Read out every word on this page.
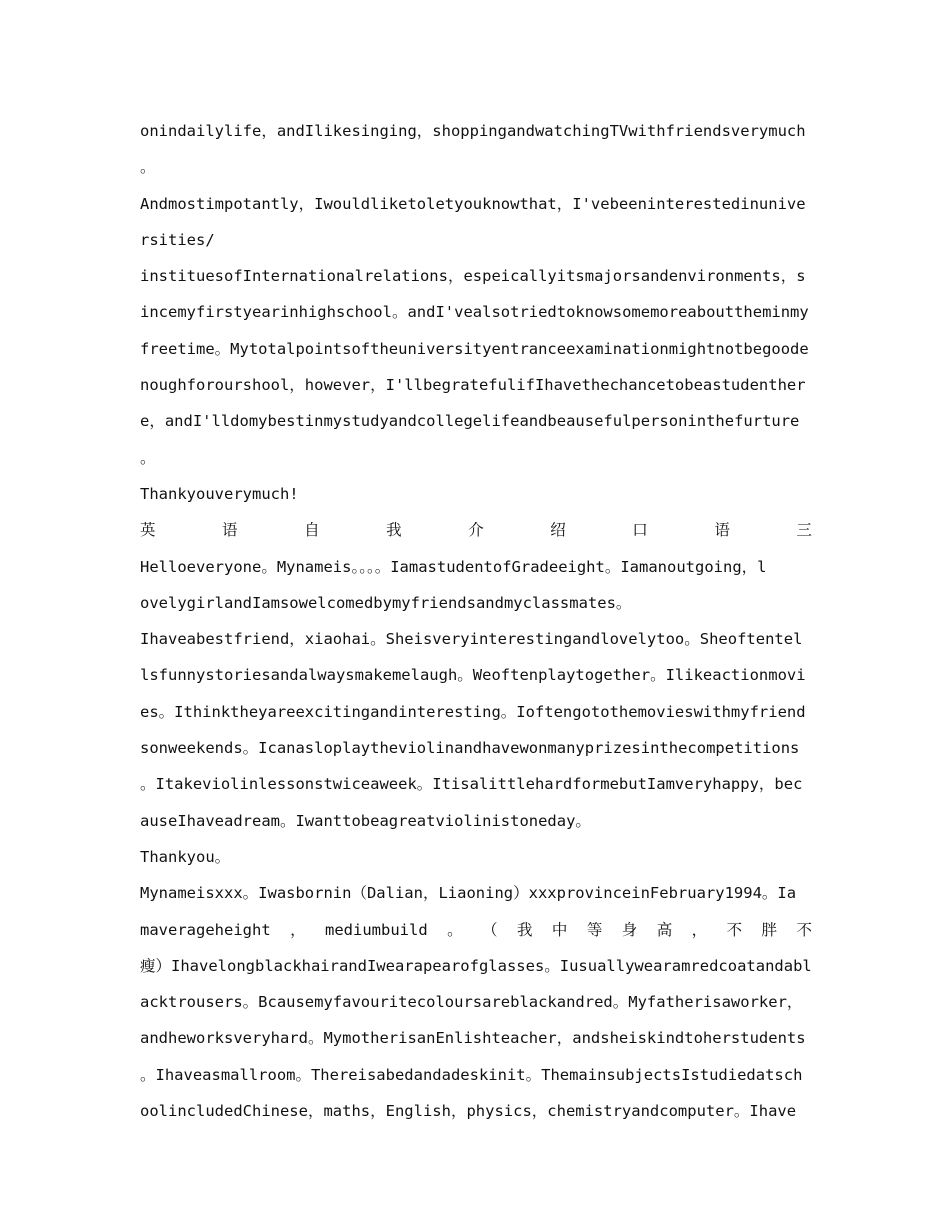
onindailylife，andIlikesinging，shoppingandwatchingTVwithfriendsverymuch
。
Andmostimpotantly，Iwouldliketoletyouknowthat，I'vebeeninterestedinunive
rsities/
instituesofInternationalrelations，espeicallyitsmajorsandenvironments，s
incemyfirstyearinhighschool。andI'vealsotriedtoknowsomemoreabouttheminmy
freetime。Mytotalpointsoftheuniversityentranceexaminationmightnotbegoode
noughforourshool，however，I'llbegratefulifIhavethechancetobeastudenther
e，andI'lldomybestinmystudyandcollegelifeandbeausefulpersoninthefurture
。
Thankyouverymuch!
英	语	自	我	介	绍	口	语	三
Helloeveryone。Mynameis。。。。IamastudentofGradeeight。Iamanoutgoing，l
ovelygirlandIamsowelcomedbymyfriendsandmyclassmates。
Ihaveabestfriend，xiaohai。Sheisveryinterestingandlovelytoo。Sheoftentel
lsfunnystoriesandalwaysmakemelaugh。Weoftenplaytogether。Ilikeactionmovi
es。Ithinktheyareexcitingandinteresting。Ioftengotothemovieswithmyfriend
sonweekends。Icanasloplaytheviolinandhavewonmanyprizesinthecompetitions
。Itakeviolinlessonstwiceaweek。ItisalittlehardformebutIamveryhappy，bec
auseIhaveadream。Iwanttobeagreatviolinistoneday。
Thankyou。
Mynameisxxx。Iwasbornin（Dalian，Liaoning）xxxprovinceinFebruary1994。Ia
maverageheight ， mediumbuild 。 （ 我 中 等 身 高 ， 不 胖 不
瘦）IhavelongblackhairandIwearapearofglasses。Iusuallywearamredcoatandabl
acktrousers。Bcausemyfavouritecoloursareblackandred。Myfatherisaworker，
andheworksveryhard。MymotherisanEnlishteacher，andsheiskindtoherstudents
。Ihaveasmallroom。Thereisabedandadeskinit。ThemainsubjectsIstudiedatsch
oolincludedChinese，maths，English，physics，chemistryandcomputer。Ihave
